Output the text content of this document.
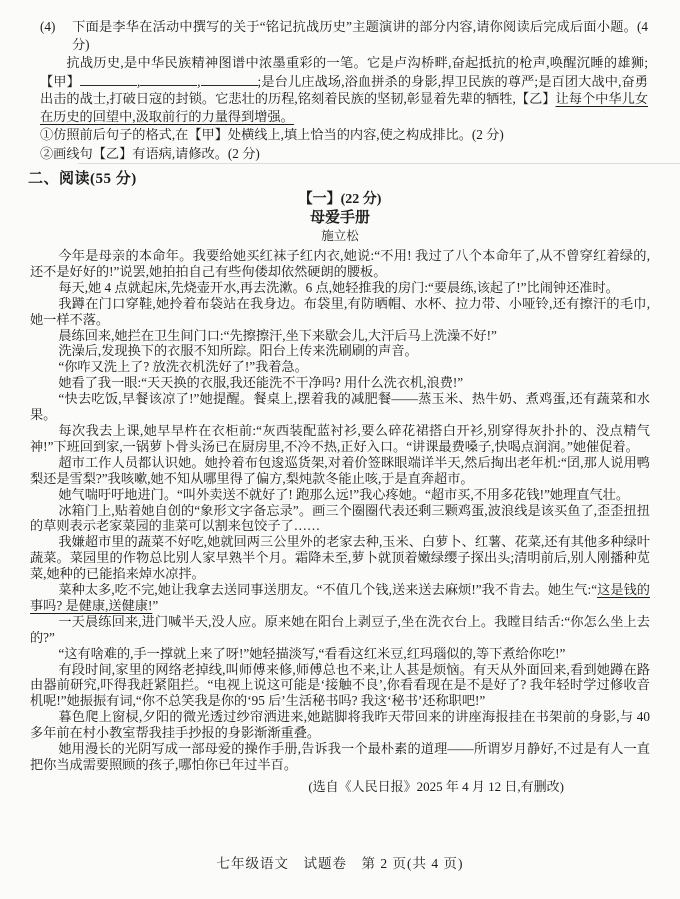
(4) 下面是李华在活动中撰写的关于“铭记抗战历史”主题演讲的部分内容,请你阅读后完成后面小题。(4 分)
抗战历史,是中华民族精神图谱中浓墨重彩的一笔。它是卢沟桥畔,奋起抵抗的枪声,唤醒沉睡的雄狮;【甲】	,	,	;是台儿庄战场,浴血拼杀的身影,捍卫民族的尊严;是百团大战中,奋勇出击的战士,打破日寇的封锁。它悲壮的历程,铭刻着民族的坚韧,彰显着先辈的牺牲,【乙】让每个中华儿女在历史的回望中,汲取前行的力量得到增强。
①仿照前后句子的格式,在【甲】处横线上,填上恰当的内容,使之构成排比。(2 分)
②画线句【乙】有语病,请修改。(2 分)
二、阅读(55 分)
【一】(22 分)
母爱手册
施立松

今年是母亲的本命年。我要给她买红袜子红内衣,她说:“不用! 我过了八个本命年了,从不曾穿红着绿的,还不是好好的!”说罢,她拍拍自己有些佝偻却依然硬朗的腰板。

每天,她 4 点就起床,先烧壶开水,再去洗漱。6 点,她轻推我的房门:“要晨练,该起了!”比闹钟还准时。

我蹲在门口穿鞋,她拎着布袋站在我身边。布袋里,有防晒帽、水杯、拉力带、小哑铃,还有擦汗的毛巾,她一样不落。

晨练回来,她拦在卫生间门口:“先擦擦汗,坐下来歇会儿,大汗后马上洗澡不好!”

洗澡后,发现换下的衣服不知所踪。阳台上传来洗刷刷的声音。

“你咋又洗上了? 放洗衣机洗好了!”我着急。

她看了我一眼:“天天换的衣服,我还能洗不干净吗? 用什么洗衣机,浪费!”

“快去吃饭,早餐该凉了!”她提醒。餐桌上,摆着我的减肥餐——蒸玉米、热牛奶、煮鸡蛋,还有蔬菜和水果。

每次我去上课,她早早杵在衣柜前:“灰西装配蓝衬衫,要么碎花裙搭白开衫,别穿得灰扑扑的、没点精气神!”下班回到家,一锅萝卜骨头汤已在厨房里,不冷不热,正好入口。“讲课最费嗓子,快喝点润润。”她催促着。

超市工作人员都认识她。她拎着布包逡巡货架,对着价签眯眼端详半天,然后掏出老年机:“囝,那人说用鸭梨还是雪梨?”我咳嗽,她不知从哪里得了偏方,梨炖款冬能止咳,于是直奔超市。

她气喘吁吁地进门。“叫外卖送不就好了! 跑那么远!”我心疼她。“超市买,不用多花钱!”她理直气壮。

冰箱门上,贴着她自创的“象形文字备忘录”。画三个圈圈代表还剩三颗鸡蛋,波浪线是该买鱼了,歪歪扭扭的草则表示老家菜园的韭菜可以割来包饺子了……

我嫌超市里的蔬菜不好吃,她就回两三公里外的老家去种,玉米、白萝卜、红薯、花菜,还有其他多种绿叶蔬菜。菜园里的作物总比别人家早熟半个月。霜降未至,萝卜就顶着嫩绿缨子探出头;清明前后,别人刚播种苋菜,她种的已能掐来焯水凉拌。

菜种太多,吃不完,她让我拿去送同事送朋友。“不值几个钱,送来送去麻烦!”我不肯去。她生气:“这是钱的事吗? 是健康,送健康!”

一天晨练回来,进门喊半天,没人应。原来她在阳台上剥豆子,坐在洗衣台上。我瞠目结舌:“你怎么坐上去的?”

“这有啥难的,手一撑就上来了呀!”她轻描淡写,“看看这红米豆,红玛瑙似的,等下煮给你吃!”

有段时间,家里的网络老掉线,叫师傅来修,师傅总也不来,让人甚是烦恼。有天从外面回来,看到她蹲在路由器前研究,吓得我赶紧阻拦。“电视上说这可能是‘接触不良’,你看看现在是不是好了? 我年轻时学过修收音机呢!”她振振有词,“你不总笑我是你的‘95 后’生活秘书吗? 我这‘秘书’还称职吧!”

暮色爬上窗棂,夕阳的微光透过纱帘洒进来,她踮脚将我昨天带回来的讲座海报挂在书架前的身影,与 40 多年前在村小教室帮我挂手抄报的身影渐渐重叠。

她用漫长的光阴写成一部母爱的操作手册,告诉我一个最朴素的道理——所谓岁月静好,不过是有人一直把你当成需要照顾的孩子,哪怕你已年过半百。

(选自《人民日报》2025 年 4 月 12 日,有删改)
七年级语文　试题卷　第 2 页(共 4 页)
